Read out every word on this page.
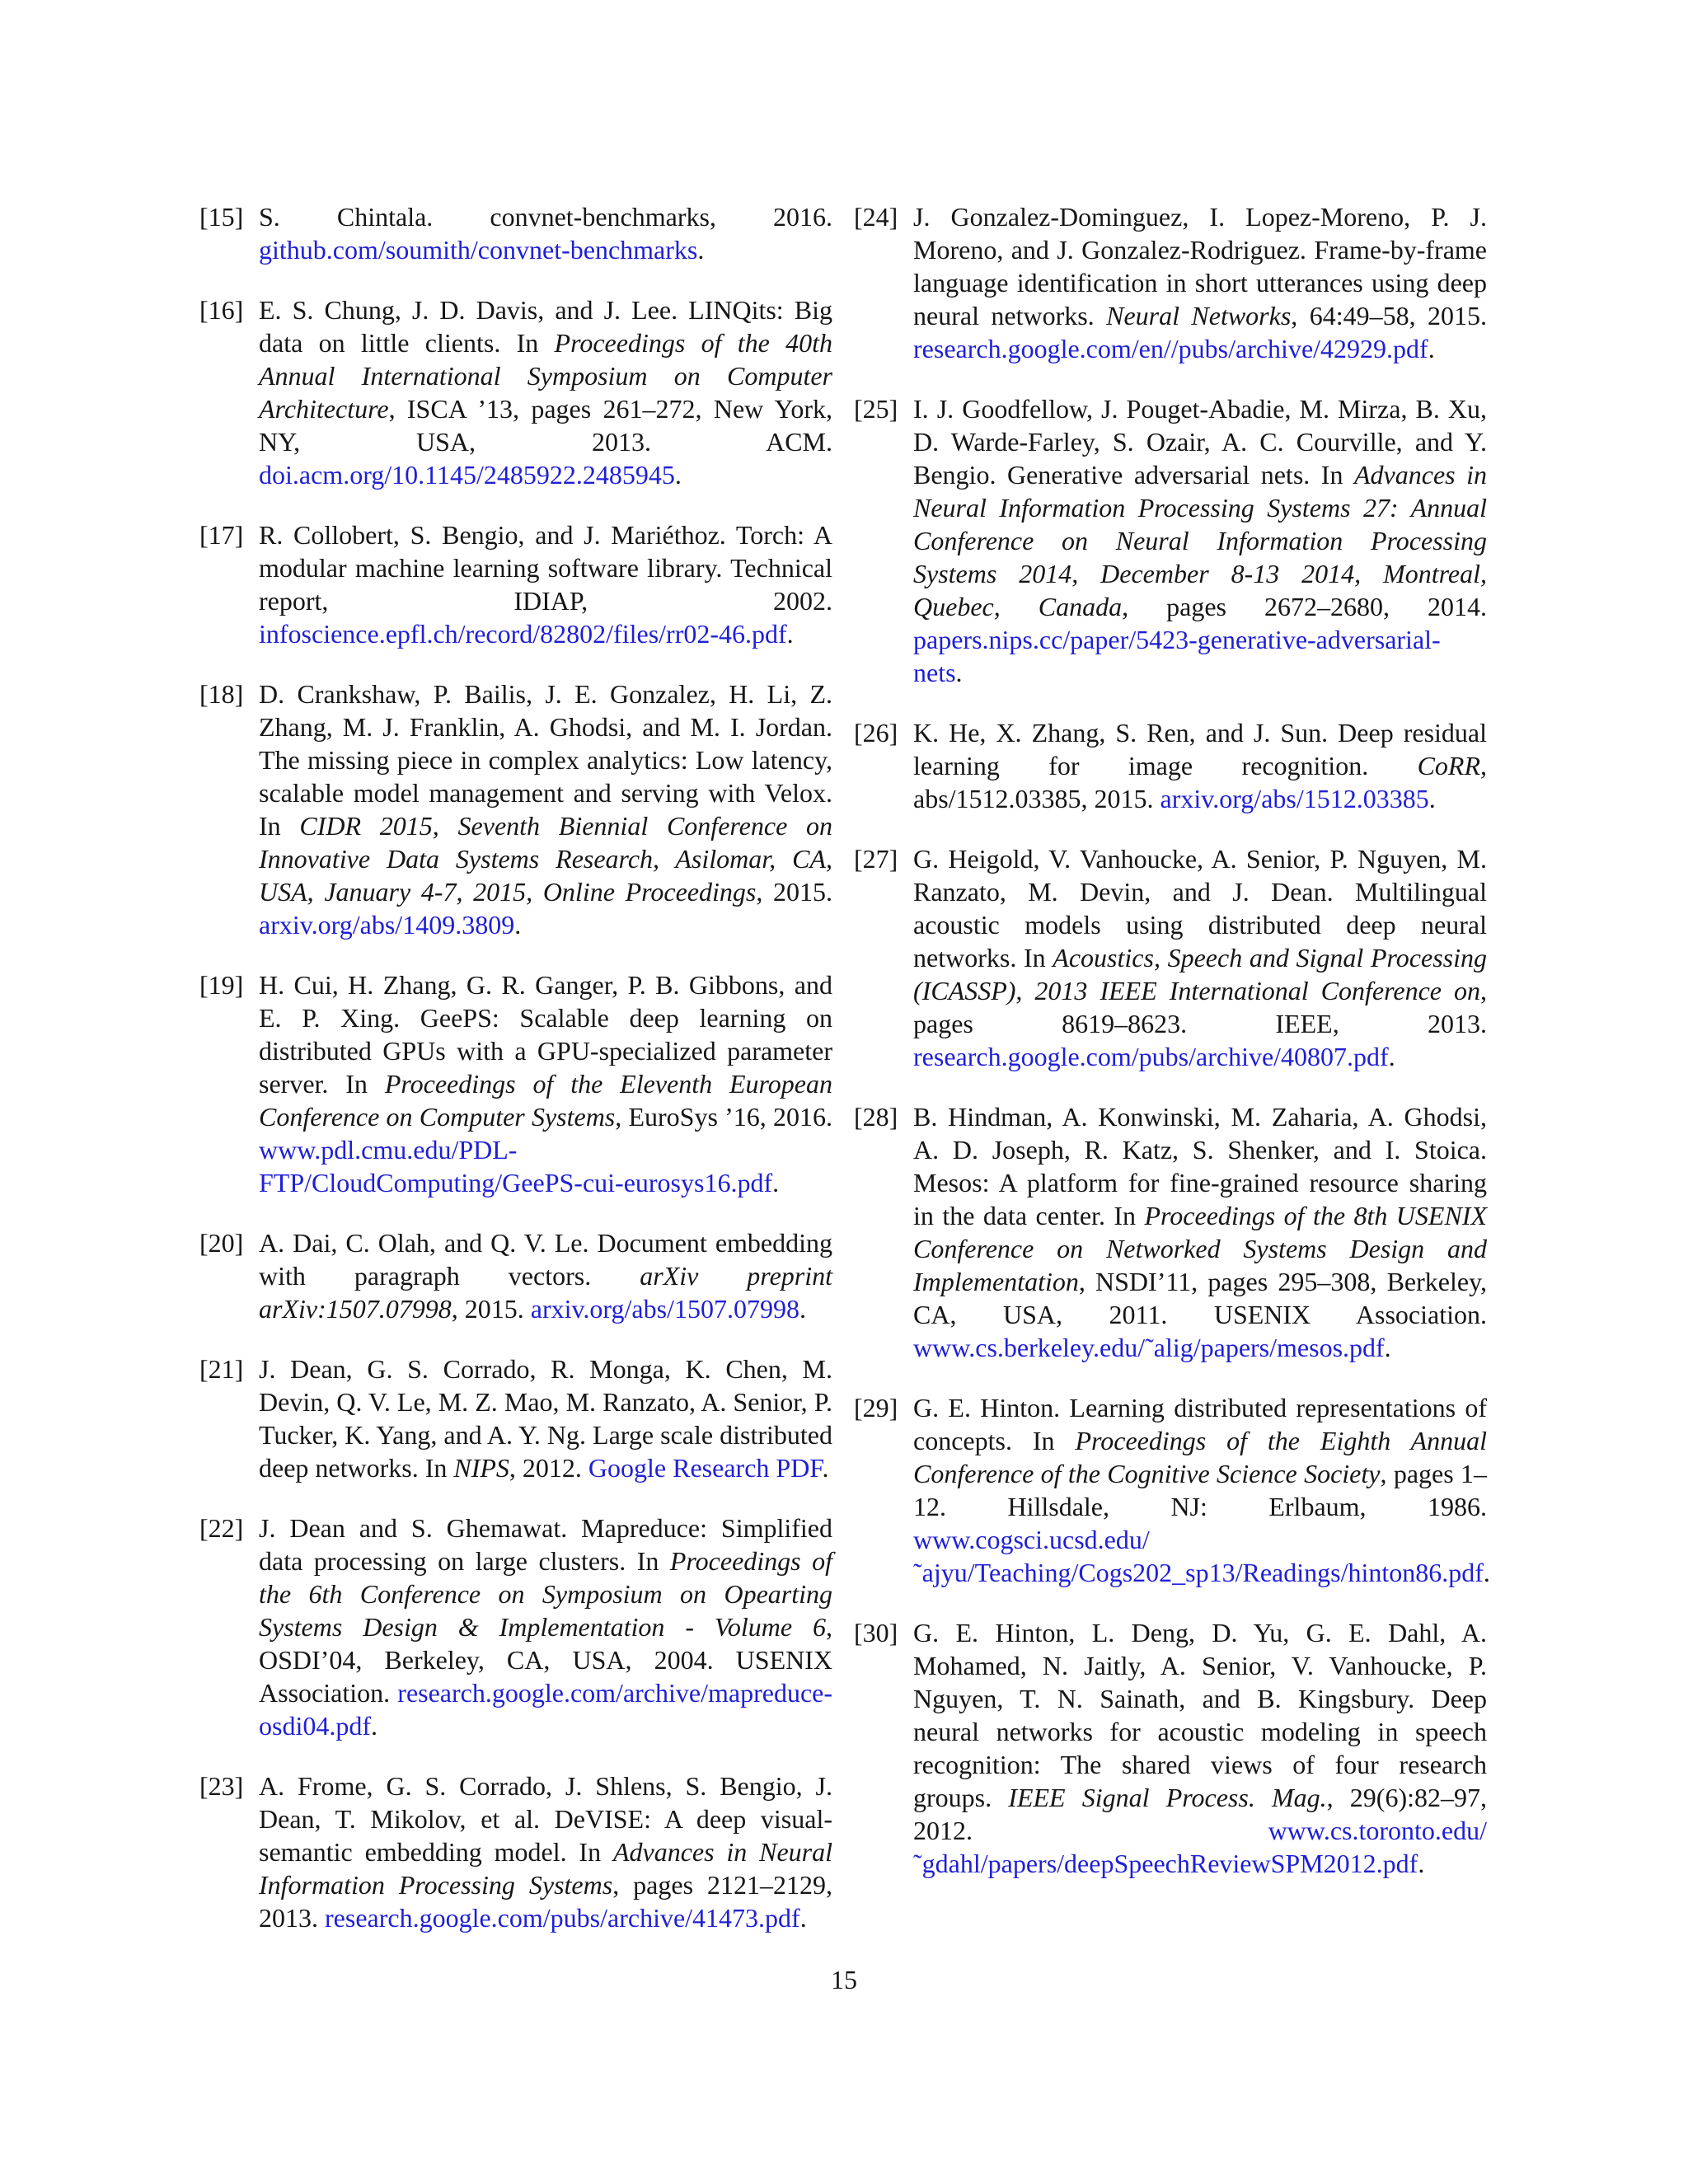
[15] S. Chintala. convnet-benchmarks, 2016. github.com/soumith/convnet-benchmarks.
[16] E. S. Chung, J. D. Davis, and J. Lee. LINQits: Big data on little clients. In Proceedings of the 40th Annual International Symposium on Computer Architecture, ISCA ’13, pages 261–272, New York, NY, USA, 2013. ACM. doi.acm.org/10.1145/2485922.2485945.
[17] R. Collobert, S. Bengio, and J. Mariéthoz. Torch: A modular machine learning software library. Technical report, IDIAP, 2002. infoscience.epfl.ch/record/82802/files/rr02-46.pdf.
[18] D. Crankshaw, P. Bailis, J. E. Gonzalez, H. Li, Z. Zhang, M. J. Franklin, A. Ghodsi, and M. I. Jordan. The missing piece in complex analytics: Low latency, scalable model management and serving with Velox. In CIDR 2015, Seventh Biennial Conference on Innovative Data Systems Research, Asilomar, CA, USA, January 4-7, 2015, Online Proceedings, 2015. arxiv.org/abs/1409.3809.
[19] H. Cui, H. Zhang, G. R. Ganger, P. B. Gibbons, and E. P. Xing. GeePS: Scalable deep learning on distributed GPUs with a GPU-specialized parameter server. In Proceedings of the Eleventh European Conference on Computer Systems, EuroSys ’16, 2016. www.pdl.cmu.edu/PDL-FTP/CloudComputing/GeePS-cui-eurosys16.pdf.
[20] A. Dai, C. Olah, and Q. V. Le. Document embedding with paragraph vectors. arXiv preprint arXiv:1507.07998, 2015. arxiv.org/abs/1507.07998.
[21] J. Dean, G. S. Corrado, R. Monga, K. Chen, M. Devin, Q. V. Le, M. Z. Mao, M. Ranzato, A. Senior, P. Tucker, K. Yang, and A. Y. Ng. Large scale distributed deep networks. In NIPS, 2012. Google Research PDF.
[22] J. Dean and S. Ghemawat. Mapreduce: Simplified data processing on large clusters. In Proceedings of the 6th Conference on Symposium on Opearting Systems Design & Implementation - Volume 6, OSDI’04, Berkeley, CA, USA, 2004. USENIX Association. research.google.com/archive/mapreduce-osdi04.pdf.
[23] A. Frome, G. S. Corrado, J. Shlens, S. Bengio, J. Dean, T. Mikolov, et al. DeVISE: A deep visual-semantic embedding model. In Advances in Neural Information Processing Systems, pages 2121–2129, 2013. research.google.com/pubs/archive/41473.pdf.
[24] J. Gonzalez-Dominguez, I. Lopez-Moreno, P. J. Moreno, and J. Gonzalez-Rodriguez. Frame-by-frame language identification in short utterances using deep neural networks. Neural Networks, 64:49–58, 2015. research.google.com/en//pubs/archive/42929.pdf.
[25] I. J. Goodfellow, J. Pouget-Abadie, M. Mirza, B. Xu, D. Warde-Farley, S. Ozair, A. C. Courville, and Y. Bengio. Generative adversarial nets. In Advances in Neural Information Processing Systems 27: Annual Conference on Neural Information Processing Systems 2014, December 8-13 2014, Montreal, Quebec, Canada, pages 2672–2680, 2014. papers.nips.cc/paper/5423-generative-adversarial-nets.
[26] K. He, X. Zhang, S. Ren, and J. Sun. Deep residual learning for image recognition. CoRR, abs/1512.03385, 2015. arxiv.org/abs/1512.03385.
[27] G. Heigold, V. Vanhoucke, A. Senior, P. Nguyen, M. Ranzato, M. Devin, and J. Dean. Multilingual acoustic models using distributed deep neural networks. In Acoustics, Speech and Signal Processing (ICASSP), 2013 IEEE International Conference on, pages 8619–8623. IEEE, 2013. research.google.com/pubs/archive/40807.pdf.
[28] B. Hindman, A. Konwinski, M. Zaharia, A. Ghodsi, A. D. Joseph, R. Katz, S. Shenker, and I. Stoica. Mesos: A platform for fine-grained resource sharing in the data center. In Proceedings of the 8th USENIX Conference on Networked Systems Design and Implementation, NSDI’11, pages 295–308, Berkeley, CA, USA, 2011. USENIX Association. www.cs.berkeley.edu/˜alig/papers/mesos.pdf.
[29] G. E. Hinton. Learning distributed representations of concepts. In Proceedings of the Eighth Annual Conference of the Cognitive Science Society, pages 1–12. Hillsdale, NJ: Erlbaum, 1986. www.cogsci.ucsd.edu/˜ajyu/Teaching/Cogs202_sp13/Readings/hinton86.pdf.
[30] G. E. Hinton, L. Deng, D. Yu, G. E. Dahl, A. Mohamed, N. Jaitly, A. Senior, V. Vanhoucke, P. Nguyen, T. N. Sainath, and B. Kingsbury. Deep neural networks for acoustic modeling in speech recognition: The shared views of four research groups. IEEE Signal Process. Mag., 29(6):82–97, 2012. www.cs.toronto.edu/˜gdahl/papers/deepSpeechReviewSPM2012.pdf.
15
